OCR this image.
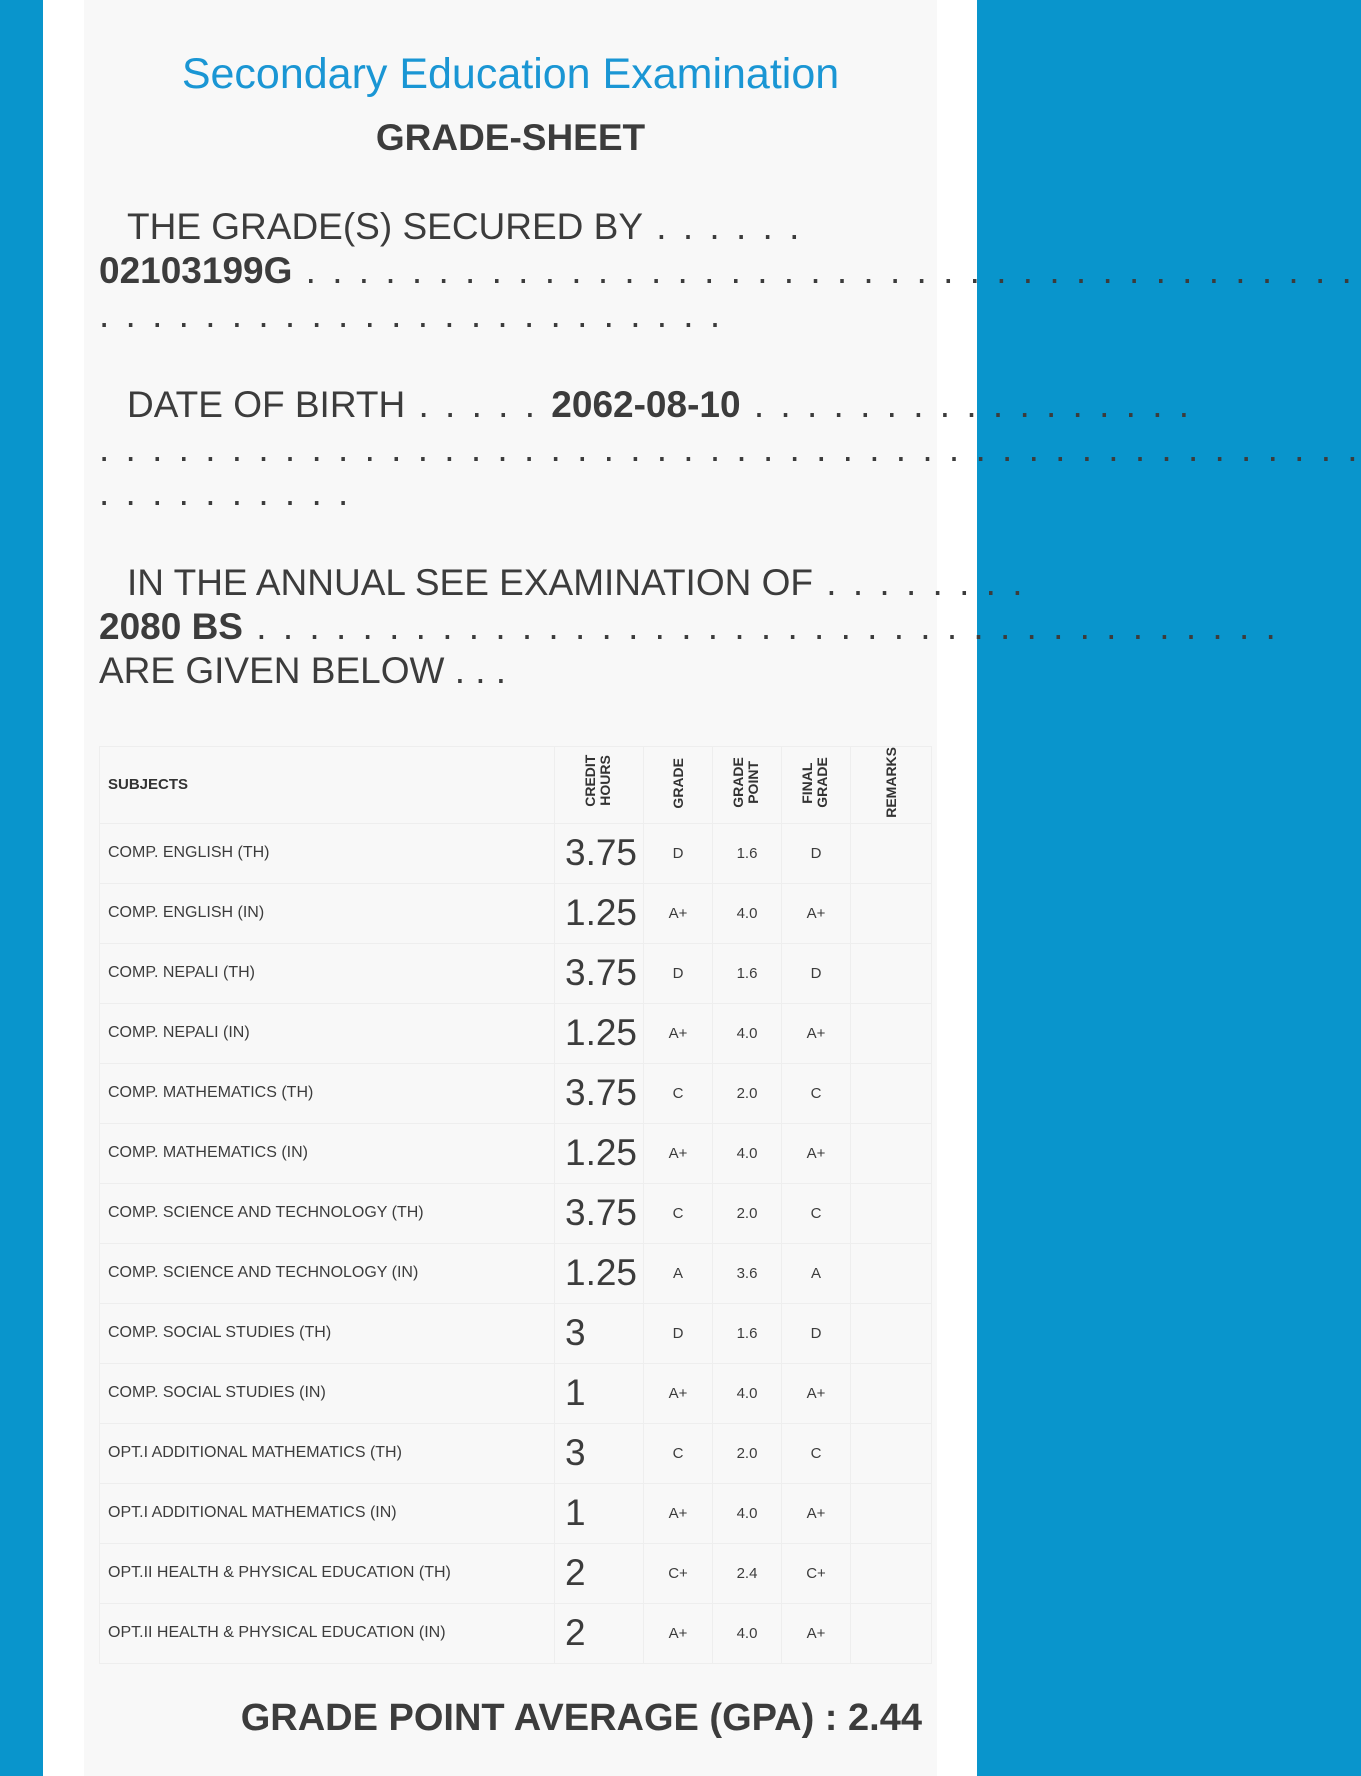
Secondary Education Examination
GRADE-SHEET
THE GRADE(S) SECURED BY . . . . . .
02103199G . . . . . . . . . . . . . . . . . . . . . . . . . . . . . . . . . . . . . . . .
. . . . . . . . . . . . . . . . . . . . . . . .
DATE OF BIRTH . . . . . 2062-08-10 . . . . . . . . . . . . . . . . .
. . . . . . . . . . . . . . . . . . . . . . . . . . . . . . . . . . . . . . . . . . . . . . . .
. . . . . . . . . .
IN THE ANNUAL SEE EXAMINATION OF . . . . . . . .
2080 BS . . . . . . . . . . . . . . . . . . . . . . . . . . . . . . . . . . . . . . .
ARE GIVEN BELOW . . .
SUBJECTS	CREDIT HOURS	GRADE	GRADE POINT	FINAL GRADE	REMARKS
COMP. ENGLISH (TH)	3.75	D	1.6	D	
COMP. ENGLISH (IN)	1.25	A+	4.0	A+	
COMP. NEPALI (TH)	3.75	D	1.6	D	
COMP. NEPALI (IN)	1.25	A+	4.0	A+	
COMP. MATHEMATICS (TH)	3.75	C	2.0	C	
COMP. MATHEMATICS (IN)	1.25	A+	4.0	A+	
COMP. SCIENCE AND TECHNOLOGY (TH)	3.75	C	2.0	C	
COMP. SCIENCE AND TECHNOLOGY (IN)	1.25	A	3.6	A	
COMP. SOCIAL STUDIES (TH)	3	D	1.6	D	
COMP. SOCIAL STUDIES (IN)	1	A+	4.0	A+	
OPT.I ADDITIONAL MATHEMATICS (TH)	3	C	2.0	C	
OPT.I ADDITIONAL MATHEMATICS (IN)	1	A+	4.0	A+	
OPT.II HEALTH & PHYSICAL EDUCATION (TH)	2	C+	2.4	C+	
OPT.II HEALTH & PHYSICAL EDUCATION (IN)	2	A+	4.0	A+	
GRADE POINT AVERAGE (GPA) : 2.44
